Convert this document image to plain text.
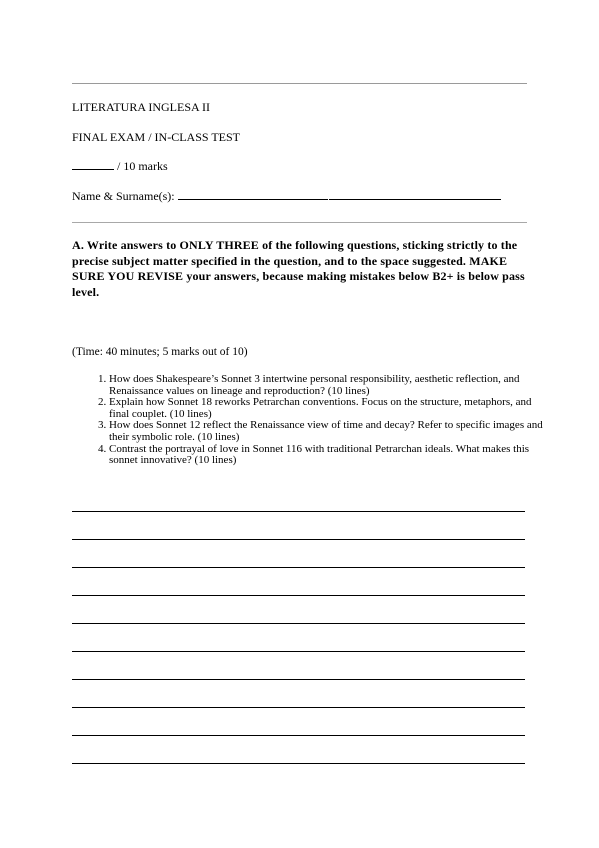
LITERATURA INGLESA II
FINAL EXAM / IN-CLASS TEST
/ 10 marks
Name & Surname(s):
A. Write answers to ONLY THREE of the following questions, sticking strictly to the precise subject matter specified in the question, and to the space suggested. MAKE SURE YOU REVISE your answers, because making mistakes below B2+ is below pass level.
(Time: 40 minutes; 5 marks out of 10)
1. How does Shakespeare’s Sonnet 3 intertwine personal responsibility, aesthetic reflection, and Renaissance values on lineage and reproduction? (10 lines)
2. Explain how Sonnet 18 reworks Petrarchan conventions. Focus on the structure, metaphors, and final couplet. (10 lines)
3. How does Sonnet 12 reflect the Renaissance view of time and decay? Refer to specific images and their symbolic role. (10 lines)
4. Contrast the portrayal of love in Sonnet 116 with traditional Petrarchan ideals. What makes this sonnet innovative? (10 lines)
